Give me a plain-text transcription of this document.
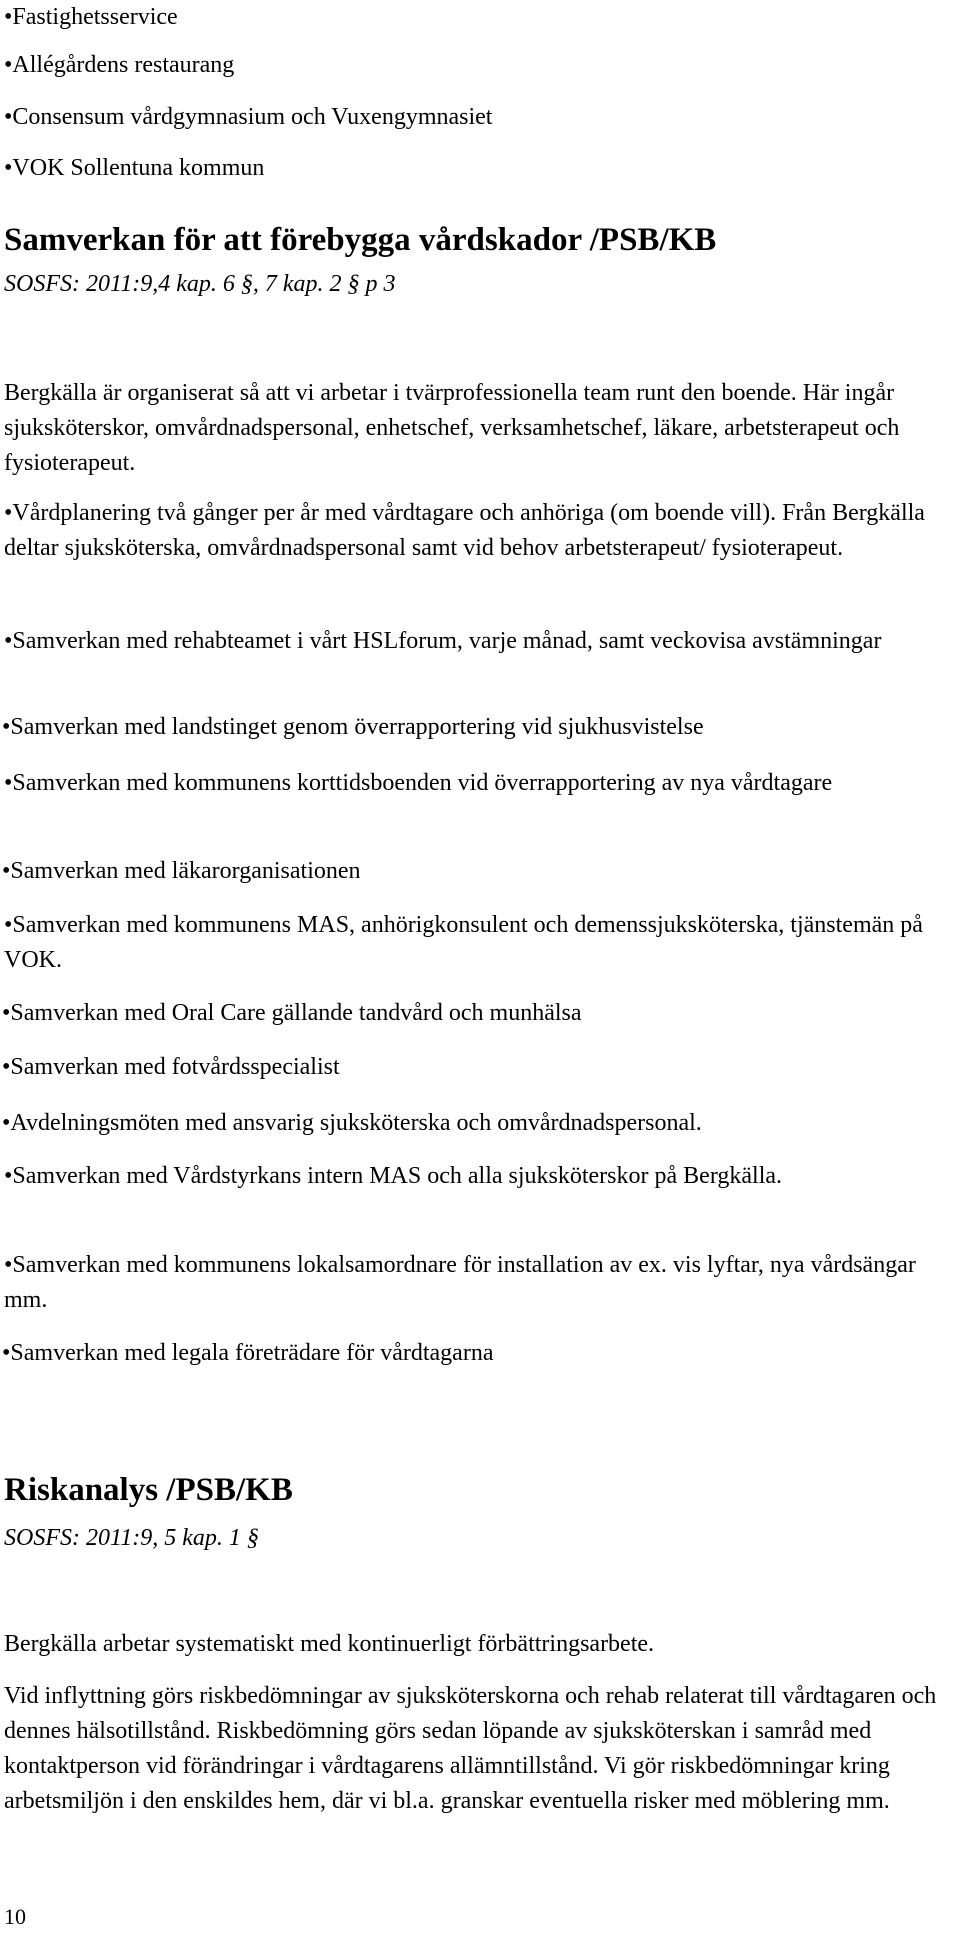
•Fastighetsservice
•Allégårdens restaurang
•Consensum vårdgymnasium och Vuxengymnasiet
•VOK Sollentuna kommun
Samverkan för att förebygga vårdskador /PSB/KB
SOSFS: 2011:9,4 kap. 6 §, 7 kap. 2 § p 3
Bergkälla är organiserat så att vi arbetar i tvärprofessionella team runt den boende. Här ingår sjuksköterskor, omvårdnadspersonal, enhetschef, verksamhetschef, läkare, arbetsterapeut och fysioterapeut.
•Vårdplanering två gånger per år med vårdtagare och anhöriga (om boende vill). Från Bergkälla deltar sjuksköterska, omvårdnadspersonal samt vid behov arbetsterapeut/ fysioterapeut.
•Samverkan med rehabteamet i vårt HSLforum, varje månad, samt veckovisa avstämningar
•Samverkan med landstinget genom överrapportering vid sjukhusvistelse
•Samverkan med kommunens korttidsboenden vid överrapportering av nya vårdtagare
•Samverkan med läkarorganisationen
•Samverkan med kommunens MAS, anhörigkonsulent och demenssjuksköterska, tjänstemän på VOK.
•Samverkan med Oral Care gällande tandvård och munhälsa
•Samverkan med fotvårdsspecialist
•Avdelningsmöten med ansvarig sjuksköterska och omvårdnadspersonal.
•Samverkan med Vårdstyrkans intern MAS och alla sjuksköterskor på Bergkälla.
•Samverkan med kommunens lokalsamordnare för installation av ex. vis lyftar, nya vårdsängar mm.
•Samverkan med legala företrädare för vårdtagarna
Riskanalys /PSB/KB
SOSFS: 2011:9, 5 kap. 1 §
Bergkälla arbetar systematiskt med kontinuerligt förbättringsarbete.
Vid inflyttning görs riskbedömningar av sjuksköterskorna och rehab relaterat till vårdtagaren och dennes hälsotillstånd. Riskbedömning görs sedan löpande av sjuksköterskan i samråd med kontaktperson vid förändringar i vårdtagarens allämntillstånd. Vi gör riskbedömningar kring arbetsmiljön i den enskildes hem, där vi bl.a. granskar eventuella risker med möblering mm.
10
